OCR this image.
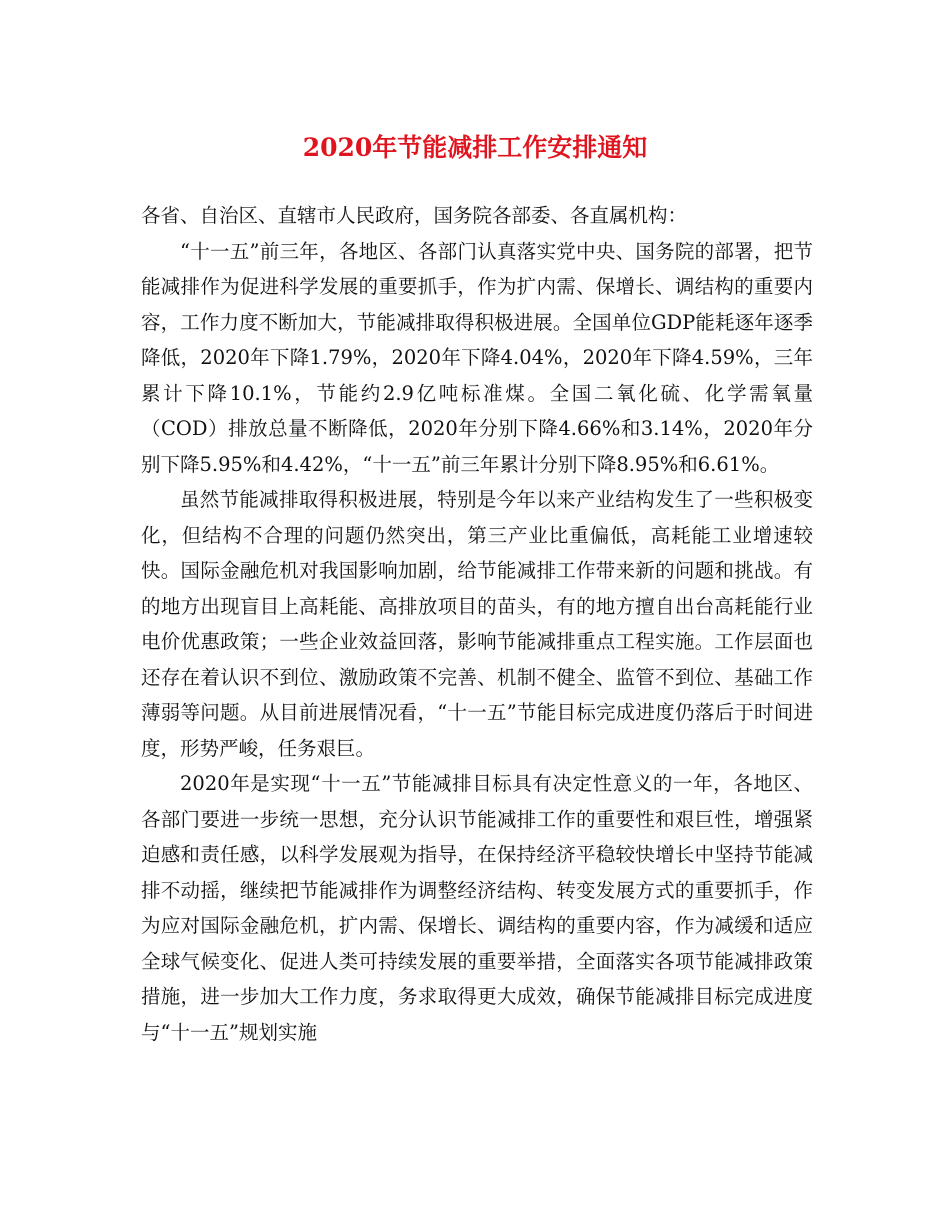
2020年节能减排工作安排通知

各省、自治区、直辖市人民政府，国务院各部委、各直属机构：

“十一五”前三年，各地区、各部门认真落实党中央、国务院的部署，把节能减排作为促进科学发展的重要抓手，作为扩内需、保增长、调结构的重要内容，工作力度不断加大，节能减排取得积极进展。全国单位GDP能耗逐年逐季降低，2020年下降1.79%，2020年下降4.04%，2020年下降4.59%，三年累计下降10.1%，节能约2.9亿吨标准煤。全国二氧化硫、化学需氧量（COD）排放总量不断降低，2020年分别下降4.66%和3.14%，2020年分别下降5.95%和4.42%，“十一五”前三年累计分别下降8.95%和6.61%。

虽然节能减排取得积极进展，特别是今年以来产业结构发生了一些积极变化，但结构不合理的问题仍然突出，第三产业比重偏低，高耗能工业增速较快。国际金融危机对我国影响加剧，给节能减排工作带来新的问题和挑战。有的地方出现盲目上高耗能、高排放项目的苗头，有的地方擅自出台高耗能行业电价优惠政策；一些企业效益回落，影响节能减排重点工程实施。工作层面也还存在着认识不到位、激励政策不完善、机制不健全、监管不到位、基础工作薄弱等问题。从目前进展情况看，“十一五”节能目标完成进度仍落后于时间进度，形势严峻，任务艰巨。

2020年是实现“十一五”节能减排目标具有决定性意义的一年，各地区、各部门要进一步统一思想，充分认识节能减排工作的重要性和艰巨性，增强紧迫感和责任感，以科学发展观为指导，在保持经济平稳较快增长中坚持节能减排不动摇，继续把节能减排作为调整经济结构、转变发展方式的重要抓手，作为应对国际金融危机，扩内需、保增长、调结构的重要内容，作为减缓和适应全球气候变化、促进人类可持续发展的重要举措，全面落实各项节能减排政策措施，进一步加大工作力度，务求取得更大成效，确保节能减排目标完成进度与“十一五”规划实施
